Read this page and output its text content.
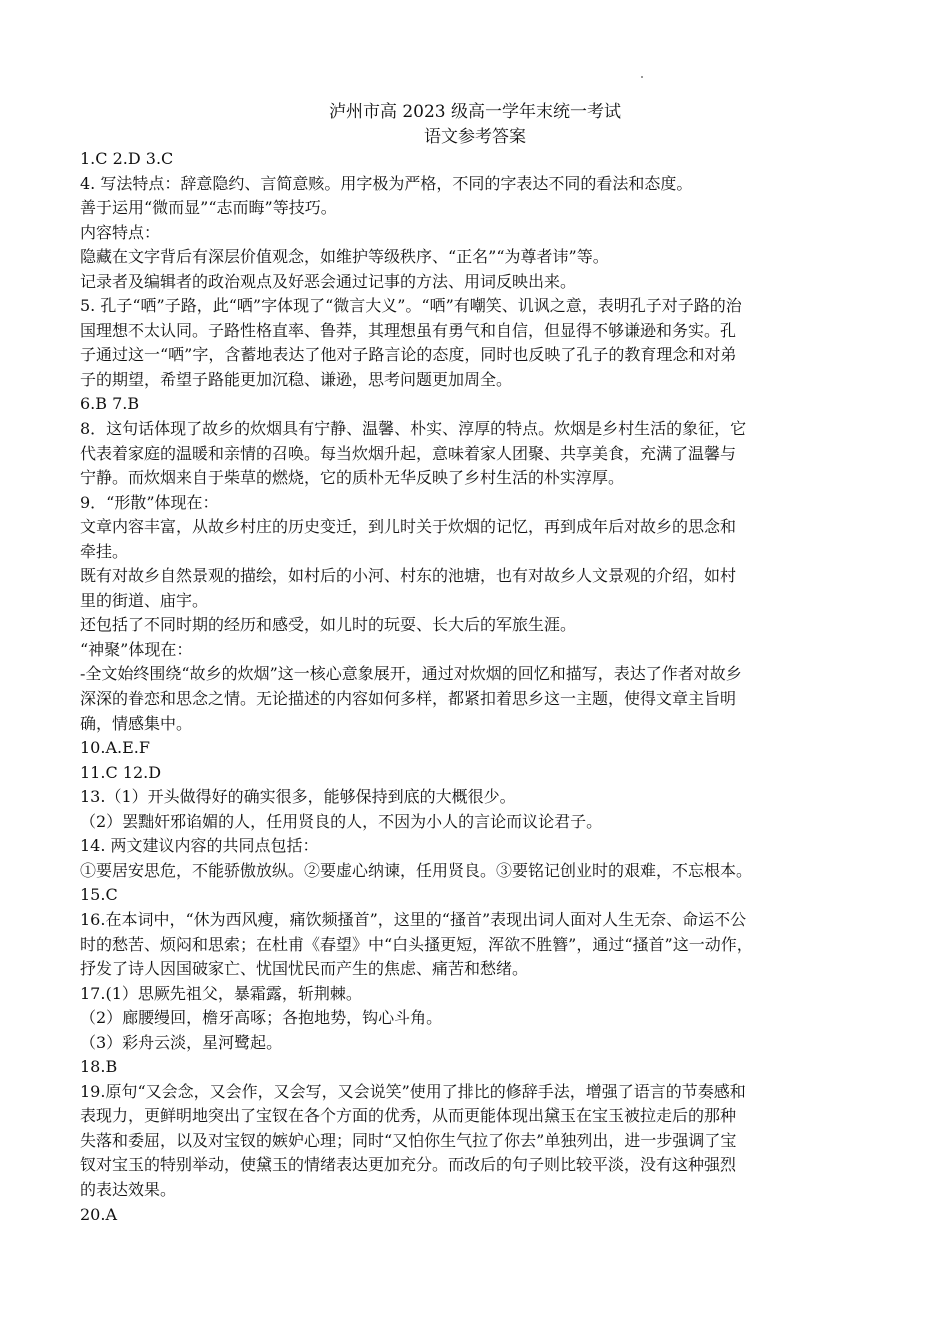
泸州市高 2023 级高一学年末统一考试
语文参考答案
1.C 2.D 3.C
4. 写法特点：辞意隐约、言简意赅。用字极为严格，不同的字表达不同的看法和态度。
善于运用“微而显”“志而晦”等技巧。
内容特点：
隐藏在文字背后有深层价值观念，如维护等级秩序、“正名”“为尊者讳”等。
记录者及编辑者的政治观点及好恶会通过记事的方法、用词反映出来。
5. 孔子“哂”子路，此“哂”字体现了“微言大义”。“哂”有嘲笑、讥讽之意，表明孔子对子路的治
国理想不太认同。子路性格直率、鲁莽，其理想虽有勇气和自信，但显得不够谦逊和务实。孔
子通过这一“哂”字，含蓄地表达了他对子路言论的态度，同时也反映了孔子的教育理念和对弟
子的期望，希望子路能更加沉稳、谦逊，思考问题更加周全。
6.B 7.B
8．这句话体现了故乡的炊烟具有宁静、温馨、朴实、淳厚的特点。炊烟是乡村生活的象征，它
代表着家庭的温暖和亲情的召唤。每当炊烟升起，意味着家人团聚、共享美食，充满了温馨与
宁静。而炊烟来自于柴草的燃烧，它的质朴无华反映了乡村生活的朴实淳厚。
9．“形散”体现在：
文章内容丰富，从故乡村庄的历史变迁，到儿时关于炊烟的记忆，再到成年后对故乡的思念和
牵挂。
既有对故乡自然景观的描绘，如村后的小河、村东的池塘，也有对故乡人文景观的介绍，如村
里的街道、庙宇。
还包括了不同时期的经历和感受，如儿时的玩耍、长大后的军旅生涯。
“神聚”体现在：
-全文始终围绕“故乡的炊烟”这一核心意象展开，通过对炊烟的回忆和描写，表达了作者对故乡
深深的眷恋和思念之情。无论描述的内容如何多样，都紧扣着思乡这一主题，使得文章主旨明
确，情感集中。
10.A.E.F
11.C 12.D
13.（1）开头做得好的确实很多，能够保持到底的大概很少。
（2）罢黜奸邪谄媚的人，任用贤良的人，不因为小人的言论而议论君子。
14. 两文建议内容的共同点包括：
①要居安思危，不能骄傲放纵。②要虚心纳谏，任用贤良。③要铭记创业时的艰难，不忘根本。
15.C
16.在本词中，“休为西风瘦，痛饮频搔首”，这里的“搔首”表现出词人面对人生无奈、命运不公
时的愁苦、烦闷和思索；在杜甫《春望》中“白头搔更短，浑欲不胜簪”，通过“搔首”这一动作，
抒发了诗人因国破家亡、忧国忧民而产生的焦虑、痛苦和愁绪。
17.(1）思厥先祖父，暴霜露，斩荆棘。
（2）廊腰缦回，檐牙高啄；各抱地势，钩心斗角。
（3）彩舟云淡，星河鹭起。
18.B
19.原句“又会念，又会作，又会写，又会说笑”使用了排比的修辞手法，增强了语言的节奏感和
表现力，更鲜明地突出了宝钗在各个方面的优秀，从而更能体现出黛玉在宝玉被拉走后的那种
失落和委屈，以及对宝钗的嫉妒心理；同时“又怕你生气拉了你去”单独列出，进一步强调了宝
钗对宝玉的特别举动，使黛玉的情绪表达更加充分。而改后的句子则比较平淡，没有这种强烈
的表达效果。
20.A
